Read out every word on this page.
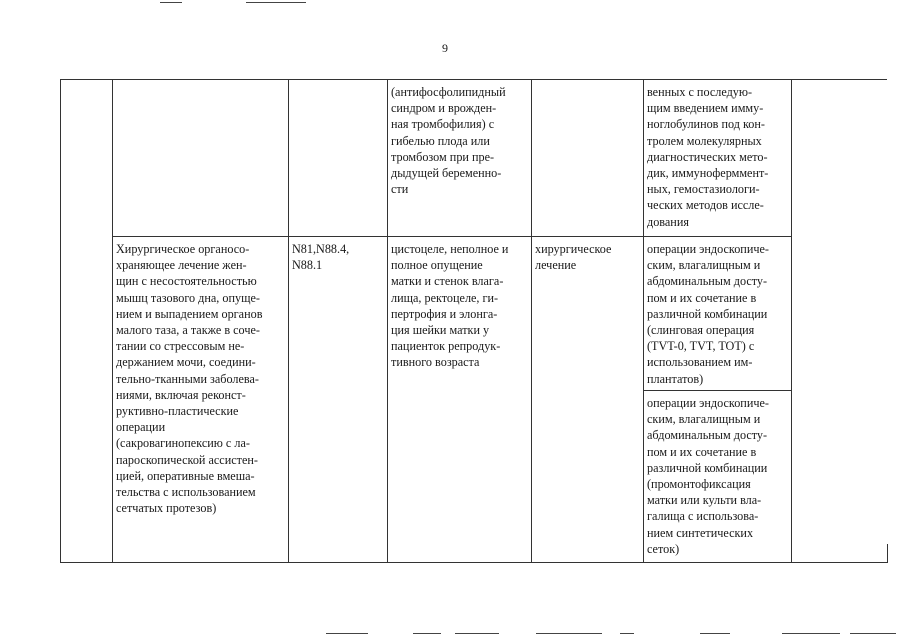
9

(антифосфолипидный
синдром и врожден-
ная тромбофилия) с
гибелью плода или
тромбозом при пре-
дыдущей беременно-
сти

венных с последую-
щим введением имму-
ноглобулинов под кон-
тролем молекулярных
диагностических мето-
дик, иммуноферммент-
ных, гемостазиологи-
ческих методов иссле-
дования

Хирургическое органосо-
храняющее лечение жен-
щин с несостоятельностью
мышц тазового дна, опуще-
нием и выпадением органов
малого таза, а также в соче-
тании со стрессовым не-
держанием мочи, соедини-
тельно-тканными заболева-
ниями, включая реконст-
руктивно-пластические
операции
(сакровагинопексию с ла-
пароскопической ассистен-
цией, оперативные вмеша-
тельства с использованием
сетчатых протезов)

N81,N88.4,
N88.1

цистоцеле, неполное и
полное опущение
матки и стенок влага-
лища, ректоцеле, ги-
пертрофия и элонга-
ция шейки матки у
пациенток репродук-
тивного возраста

хирургическое
лечение

операции эндоскопиче-
ским, влагалищным и
абдоминальным досту-
пом и их сочетание в
различной комбинации
(слинговая операция
(TVT-0, TVT, TOT) с
использованием им-
плантатов)

операции эндоскопиче-
ским, влагалищным и
абдоминальным досту-
пом и их сочетание в
различной комбинации
(промонтофиксация
матки или культи вла-
галища с использова-
нием синтетических
сеток)
